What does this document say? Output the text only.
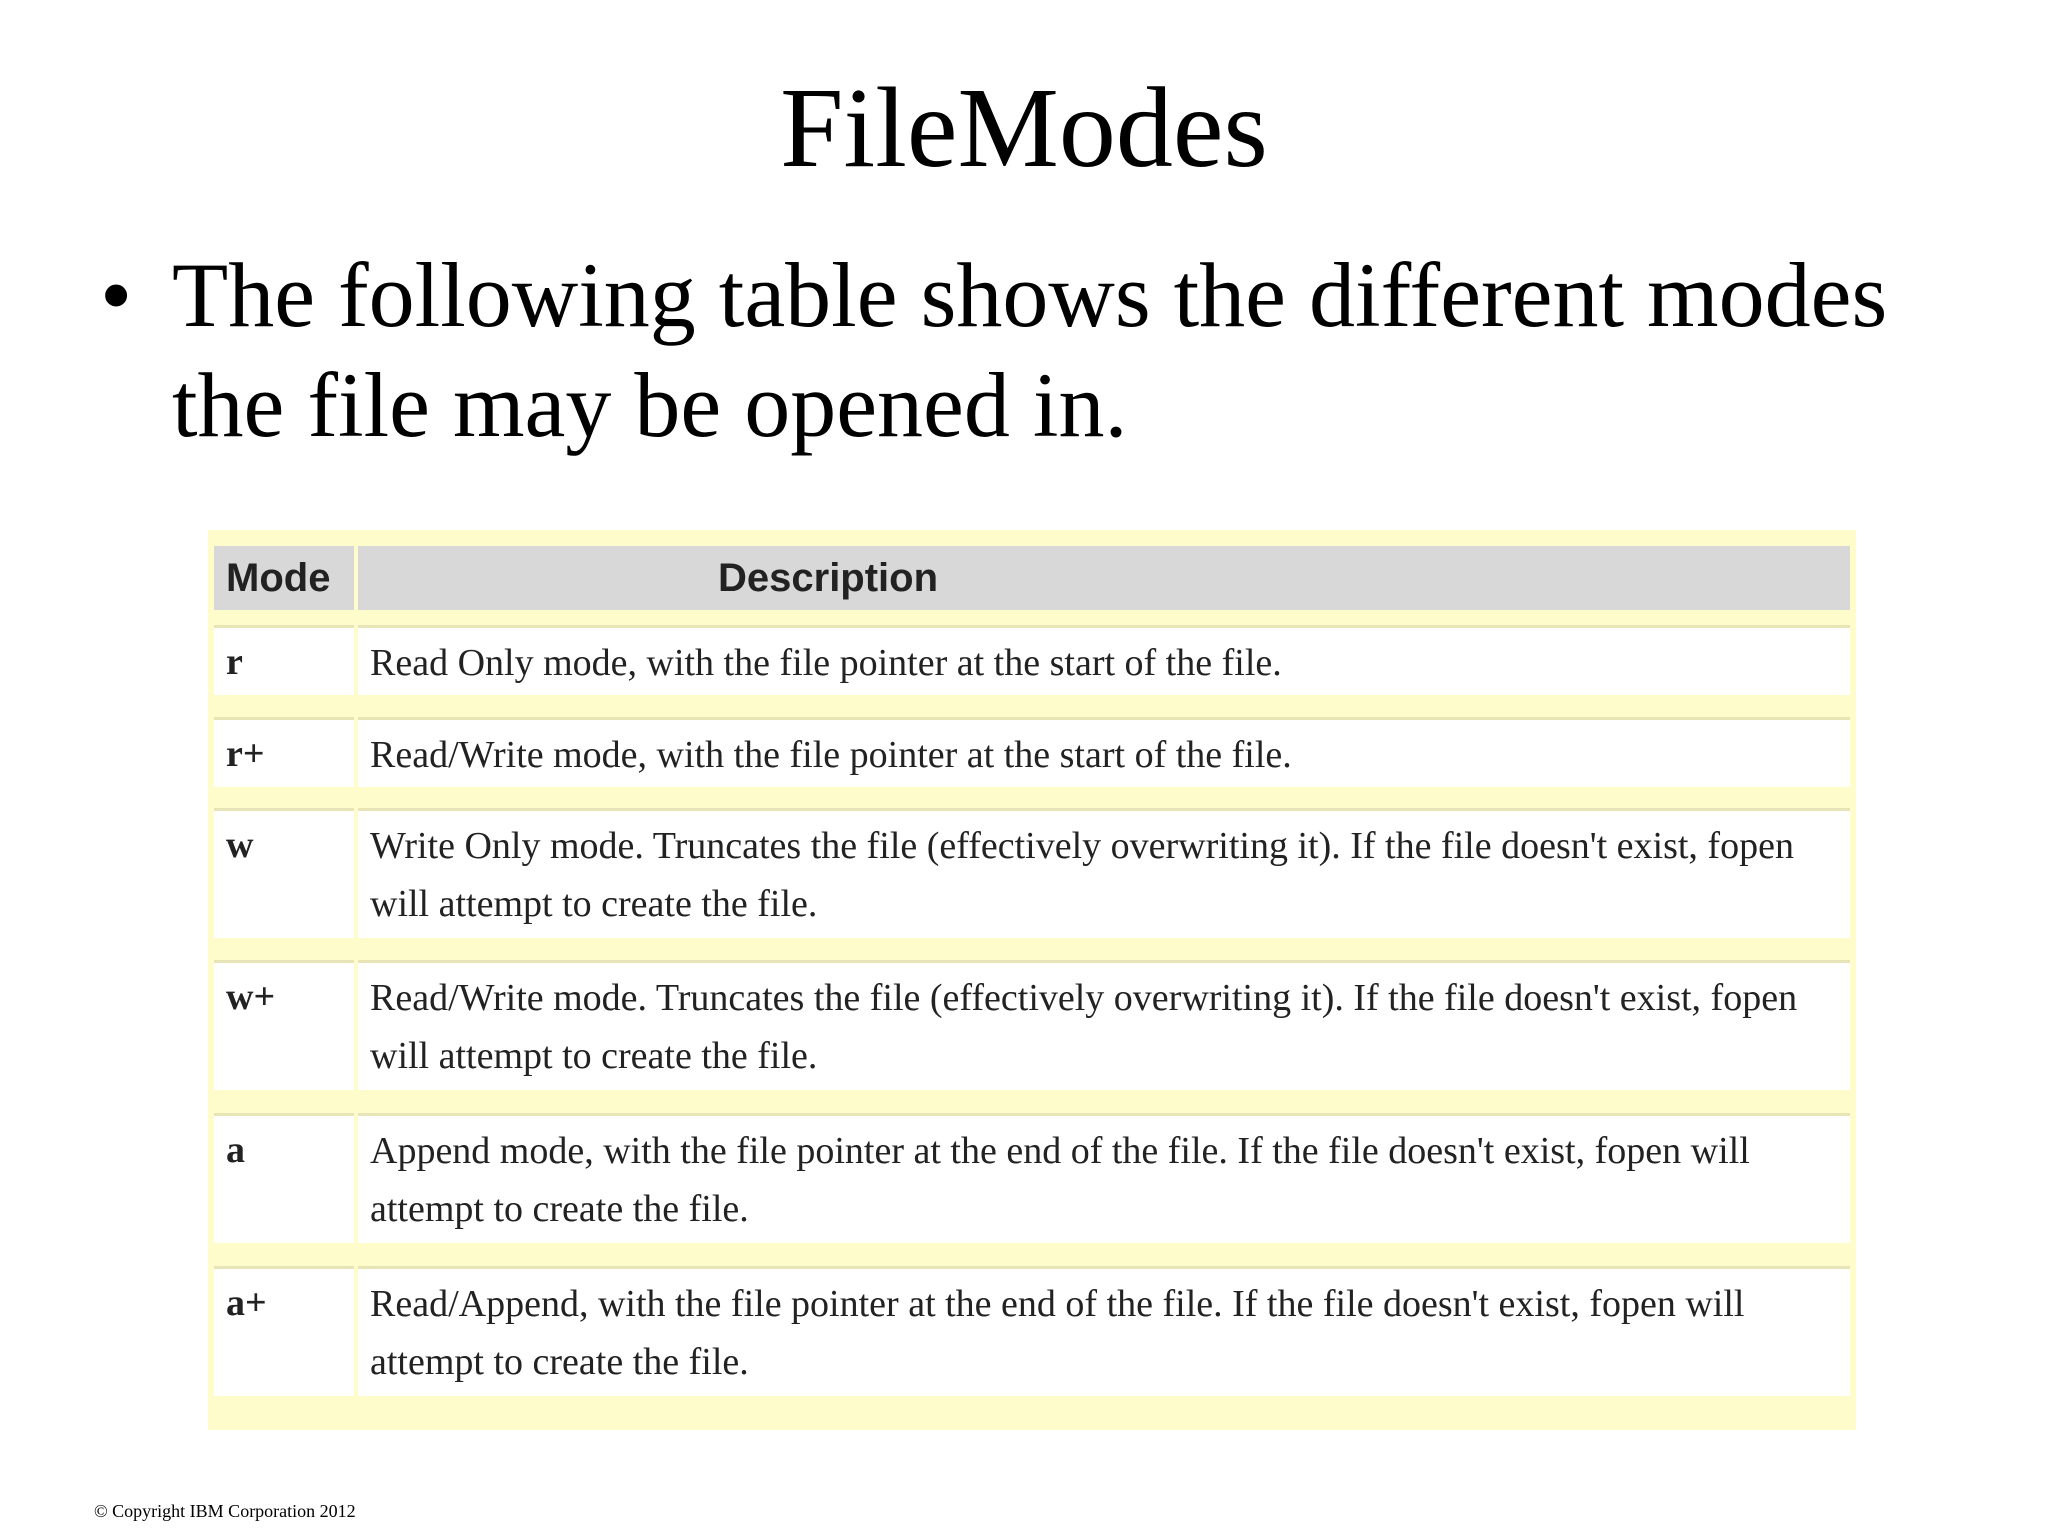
FileModes
• The following table shows the different modes the file may be opened in.
Mode	Description
r	Read Only mode, with the file pointer at the start of the file.
r+	Read/Write mode, with the file pointer at the start of the file.
w	Write Only mode. Truncates the file (effectively overwriting it). If the file doesn't exist, fopen will attempt to create the file.
w+	Read/Write mode. Truncates the file (effectively overwriting it). If the file doesn't exist, fopen will attempt to create the file.
a	Append mode, with the file pointer at the end of the file. If the file doesn't exist, fopen will attempt to create the file.
a+	Read/Append, with the file pointer at the end of the file. If the file doesn't exist, fopen will attempt to create the file.
© Copyright IBM Corporation 2012
